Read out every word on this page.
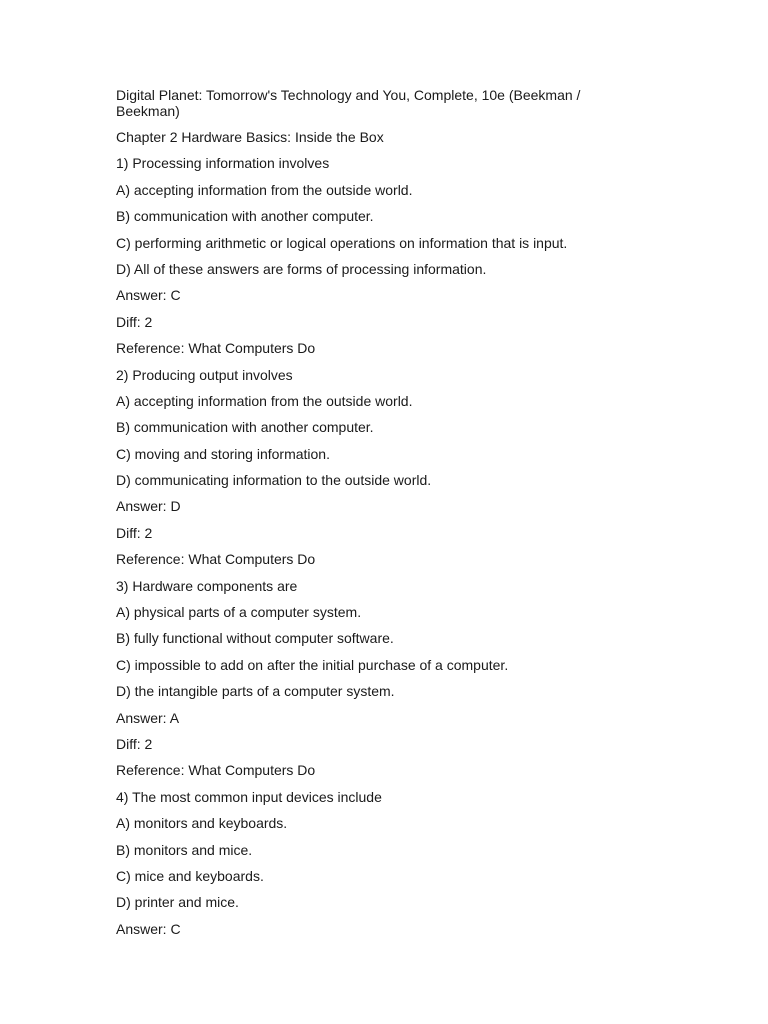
Digital Planet: Tomorrow's Technology and You, Complete, 10e (Beekman / Beekman)
Chapter 2 Hardware Basics: Inside the Box
1) Processing information involves
A) accepting information from the outside world.
B) communication with another computer.
C) performing arithmetic or logical operations on information that is input.
D) All of these answers are forms of processing information.
Answer: C
Diff: 2
Reference: What Computers Do
2) Producing output involves
A) accepting information from the outside world.
B) communication with another computer.
C) moving and storing information.
D) communicating information to the outside world.
Answer: D
Diff: 2
Reference: What Computers Do
3) Hardware components are
A) physical parts of a computer system.
B) fully functional without computer software.
C) impossible to add on after the initial purchase of a computer.
D) the intangible parts of a computer system.
Answer: A
Diff: 2
Reference: What Computers Do
4) The most common input devices include
A) monitors and keyboards.
B) monitors and mice.
C) mice and keyboards.
D) printer and mice.
Answer: C
